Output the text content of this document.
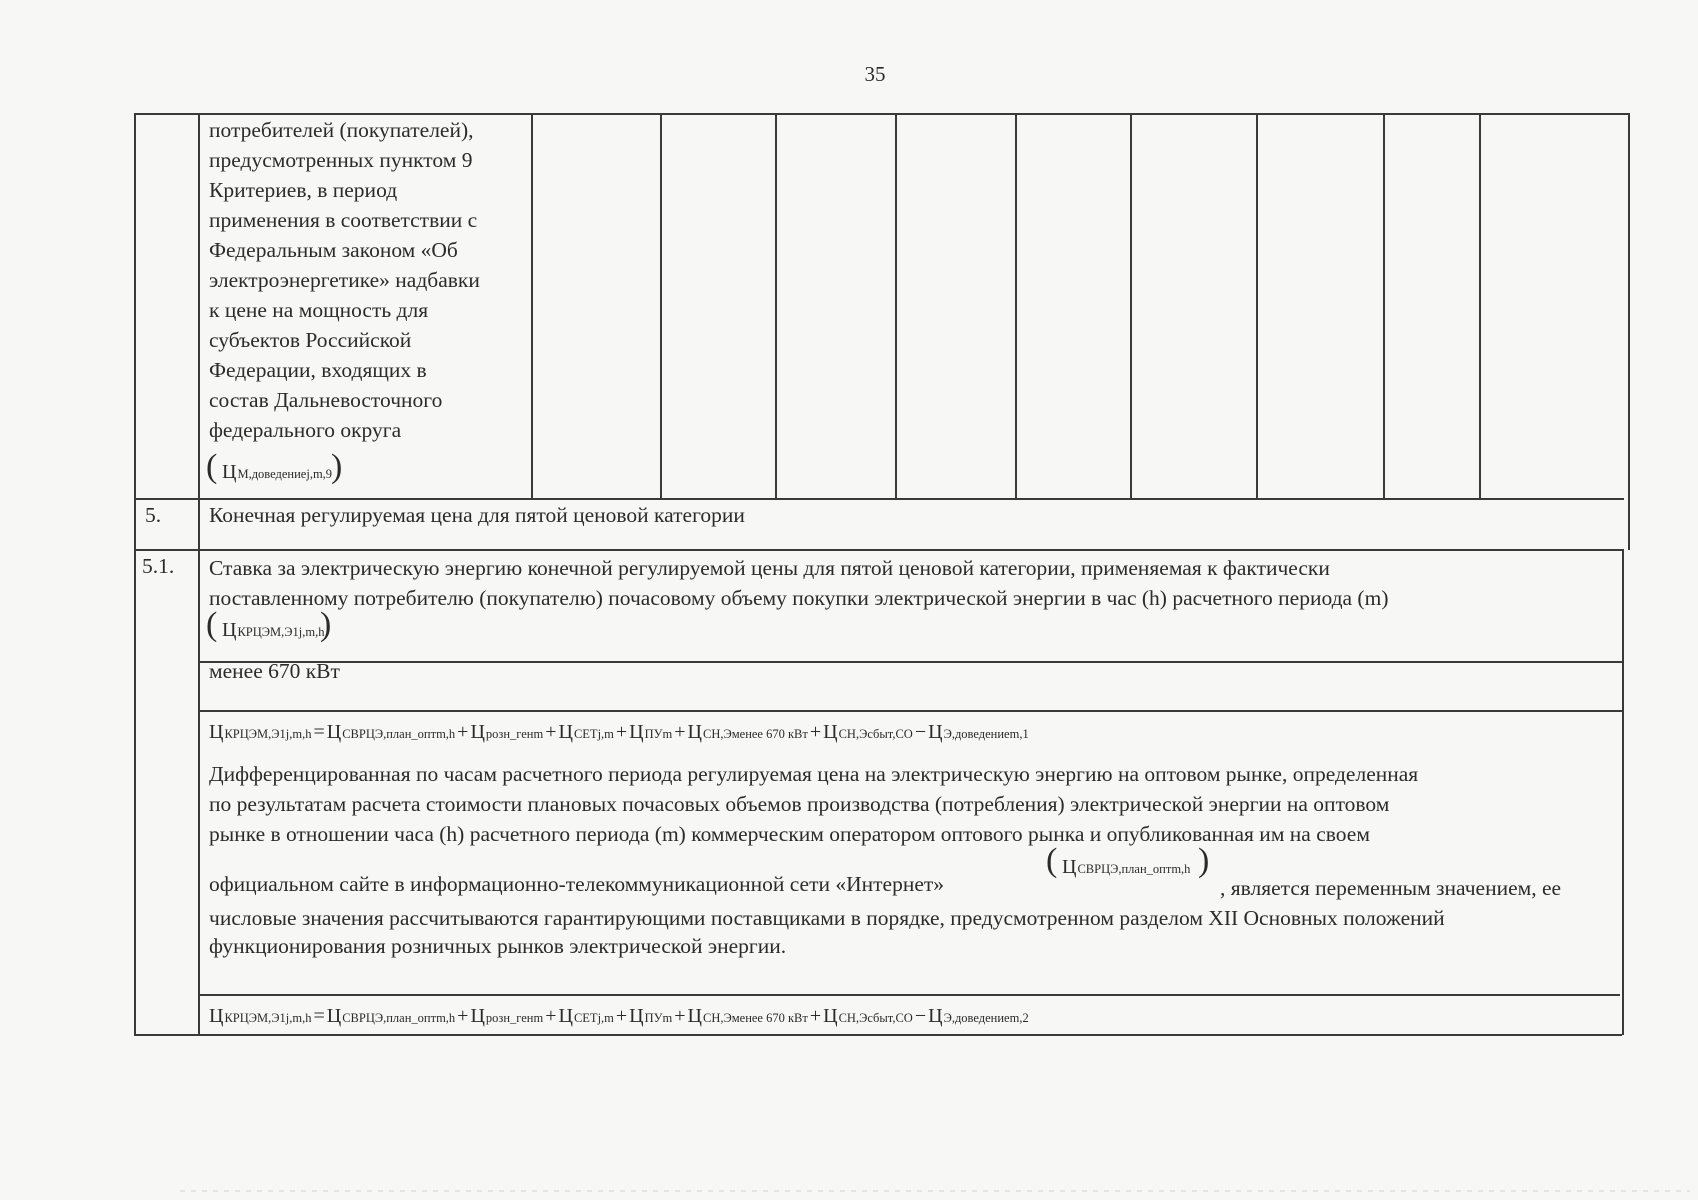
35
потребителей (покупателей),
предусмотренных пунктом 9
Критериев, в период
применения в соответствии с
Федеральным законом «Об
электроэнергетике» надбавки
к цене на мощность для
субъектов Российской
Федерации, входящих в
состав Дальневосточного
федерального округа
( ЦМ,доведениеj,m,9
)
5. Конечная регулируемая цена для пятой ценовой категории
5.1. Ставка за электрическую энергию конечной регулируемой цены для пятой ценовой категории, применяемая к фактически
поставленному потребителю (покупателю) почасовому объему покупки электрической энергии в час (h) расчетного периода (m)
( ЦКРЦЭМ,Э1j,m,h
)
менее 670 кВт
ЦКРЦЭМ,Э1j,m,h = ЦСВРЦЭ,план_оптm,h + Црозн_генm + ЦСЕТj,m + ЦПУm + ЦСН,Эменее 670 кВт + ЦСН,Эсбыт,СО − ЦЭ,доведениеm,1
Дифференцированная по часам расчетного периода регулируемая цена на электрическую энергию на оптовом рынке, определенная
по результатам расчета стоимости плановых почасовых объемов производства (потребления) электрической энергии на оптовом
рынке в отношении часа (h) расчетного периода (m) коммерческим оператором оптового рынка и опубликованная им на своем
официальном сайте в информационно-телекоммуникационной сети «Интернет»
( ЦСВРЦЭ,план_оптm,h )
, является переменным значением, ее
числовые значения рассчитываются гарантирующими поставщиками в порядке, предусмотренном разделом XII Основных положений
функционирования розничных рынков электрической энергии.
ЦКРЦЭМ,Э1j,m,h = ЦСВРЦЭ,план_оптm,h + Црозн_генm + ЦСЕТj,m + ЦПУm + ЦСН,Эменее 670 кВт + ЦСН,Эсбыт,СО − ЦЭ,доведениеm,2
